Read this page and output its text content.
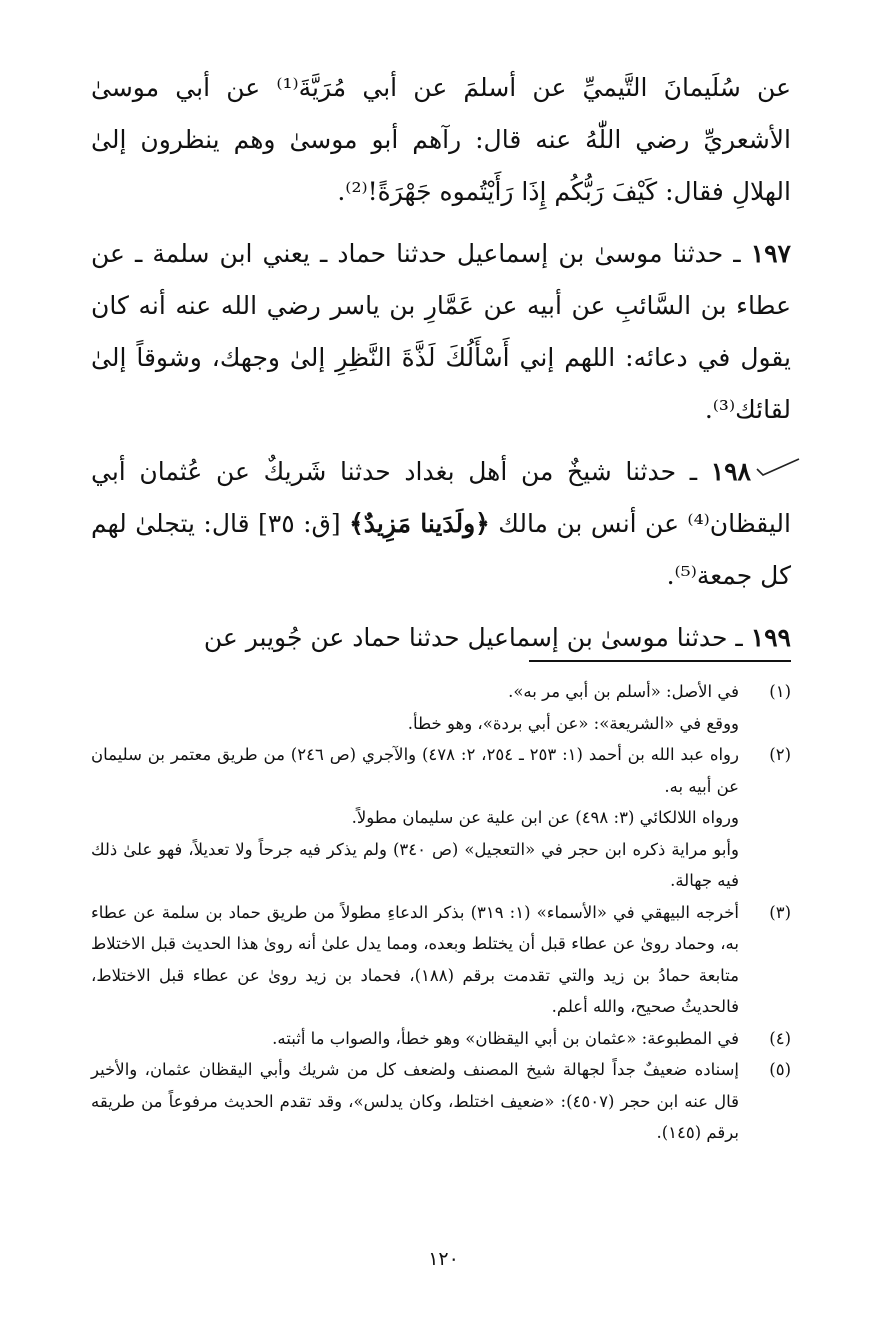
عن سُلَيمانَ التَّيميِّ عن أسلمَ عن أبي مُرَيَّةَ⁽¹⁾ عن أبي موسىٰ الأشعريِّ رضي اللّٰهُ عنه قال: رآهم أبو موسىٰ وهم ينظرون إلىٰ الهلالِ فقال: كَيْفَ رَبُّكُم إِذَا رَأَيْتُموه جَهْرَةً!⁽²⁾.

١٩٧ ـ حدثنا موسىٰ بن إسماعيل حدثنا حماد ـ يعني ابن سلمة ـ عن عطاء بن السَّائبِ عن أبيه عن عَمَّارِ بن ياسر رضي الله عنه أنه كان يقول في دعائه: اللهم إني أَسْأَلُكَ لَذَّةَ النَّظِرِ إلىٰ وجهك، وشوقاً إلىٰ لقائك⁽³⁾.

١٩٨ ـ حدثنا شيخٌ من أهل بغداد حدثنا شَريكٌ عن عُثمان أبي اليقظان⁽⁴⁾ عن أنس بن مالك ﴿ولَدَينا مَزِيدٌ﴾ [ق: ٣٥] قال: يتجلىٰ لهم كل جمعة⁽⁵⁾.

١٩٩ ـ حدثنا موسىٰ بن إسماعيل حدثنا حماد عن جُويبر عن

(١)
في الأصل: «أسلم بن أبي مر به».
ووقع في «الشريعة»: «عن أبي بردة»، وهو خطأ.
(٢)
رواه عبد الله بن أحمد (١: ٢٥٣ ـ ٢٥٤، ٢: ٤٧٨) والآجري (ص ٢٤٦) من طريق معتمر بن سليمان عن أبيه به.
ورواه اللالكائي (٣: ٤٩٨) عن ابن علية عن سليمان مطولاً.
وأبو مراية ذكره ابن حجر في «التعجيل» (ص ٣٤٠) ولم يذكر فيه جرحاً ولا تعديلاً، فهو علىٰ ذلك فيه جهالة.
(٣)
أخرجه البيهقي في «الأسماء» (١: ٣١٩) بذكر الدعاءِ مطولاً من طريق حماد بن سلمة عن عطاء به، وحماد روىٰ عن عطاء قبل أن يختلط وبعده، ومما يدل علىٰ أنه روىٰ هذا الحديث قبل الاختلاط متابعة حمادُ بن زيد والتي تقدمت برقم (١٨٨)، فحماد بن زيد روىٰ عن عطاء قبل الاختلاط، فالحديثُ صحيح، والله أعلم.
(٤)
في المطبوعة: «عثمان بن أبي اليقظان» وهو خطأ، والصواب ما أثبته.
(٥)
إسناده ضعيفٌ جداً لجهالة شيخ المصنف ولضعف كل من شريك وأبي اليقظان عثمان، والأخير قال عنه ابن حجر (٤٥٠٧): «ضعيف اختلط، وكان يدلس»، وقد تقدم الحديث مرفوعاً من طريقه برقم (١٤٥).
١٢٠
